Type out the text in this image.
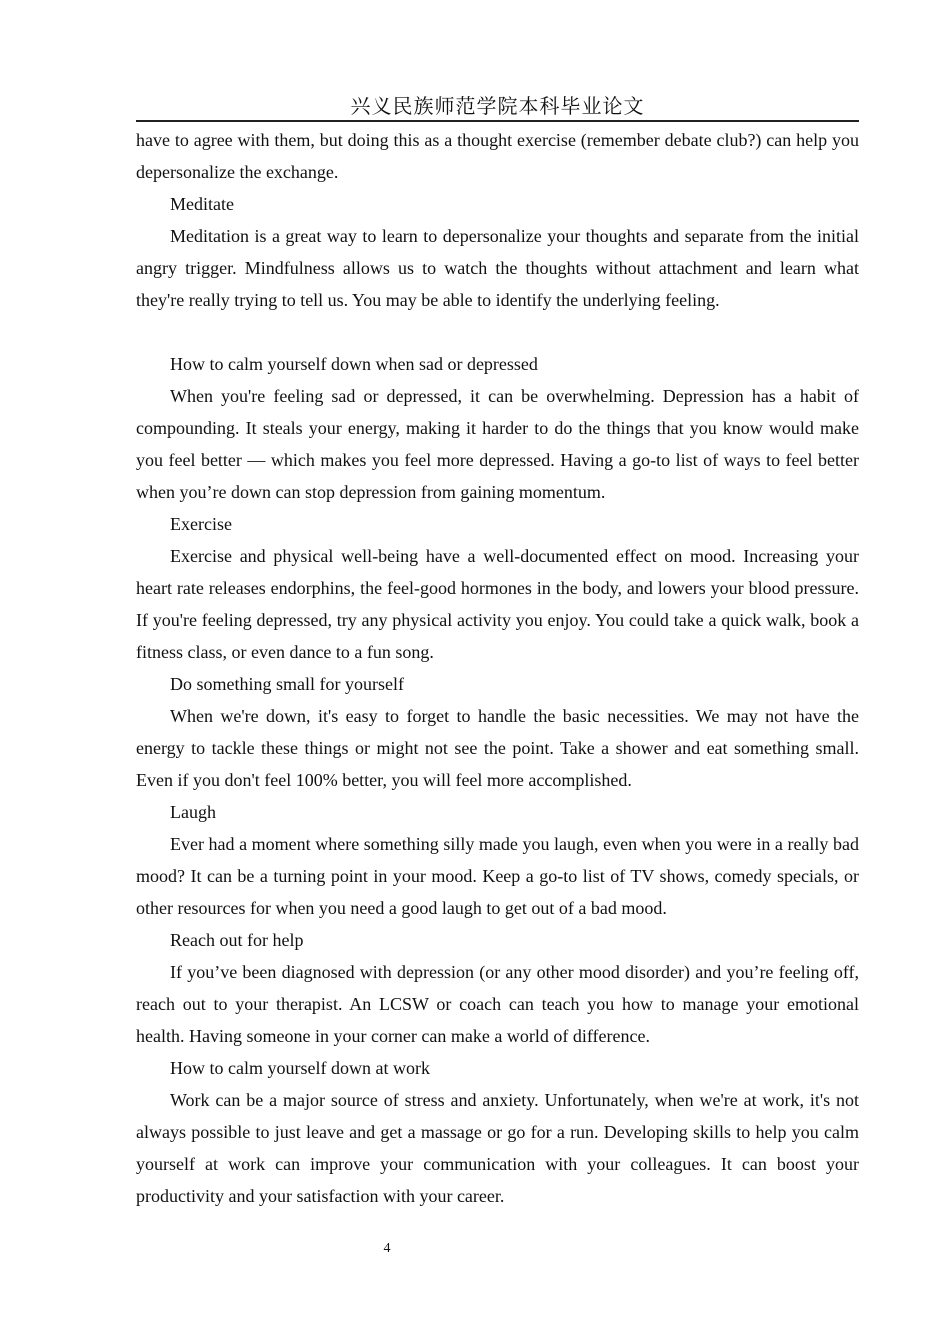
兴义民族师范学院本科毕业论文

have to agree with them, but doing this as a thought exercise (remember debate club?) can help you depersonalize the exchange.

Meditate

Meditation is a great way to learn to depersonalize your thoughts and separate from the initial angry trigger. Mindfulness allows us to watch the thoughts without attachment and learn what they're really trying to tell us. You may be able to identify the underlying feeling.

How to calm yourself down when sad or depressed

When you're feeling sad or depressed, it can be overwhelming. Depression has a habit of compounding. It steals your energy, making it harder to do the things that you know would make you feel better — which makes you feel more depressed. Having a go-to list of ways to feel better when you’re down can stop depression from gaining momentum.

Exercise

Exercise and physical well-being have a well-documented effect on mood. Increasing your heart rate releases endorphins, the feel-good hormones in the body, and lowers your blood pressure. If you're feeling depressed, try any physical activity you enjoy. You could take a quick walk, book a fitness class, or even dance to a fun song.

Do something small for yourself

When we're down, it's easy to forget to handle the basic necessities. We may not have the energy to tackle these things or might not see the point. Take a shower and eat something small. Even if you don't feel 100% better, you will feel more accomplished.

Laugh

Ever had a moment where something silly made you laugh, even when you were in a really bad mood? It can be a turning point in your mood. Keep a go-to list of TV shows, comedy specials, or other resources for when you need a good laugh to get out of a bad mood.

Reach out for help

If you’ve been diagnosed with depression (or any other mood disorder) and you’re feeling off, reach out to your therapist. An LCSW or coach can teach you how to manage your emotional health. Having someone in your corner can make a world of difference.

How to calm yourself down at work

Work can be a major source of stress and anxiety. Unfortunately, when we're at work, it's not always possible to just leave and get a massage or go for a run. Developing skills to help you calm yourself at work can improve your communication with your colleagues. It can boost your productivity and your satisfaction with your career.

4
